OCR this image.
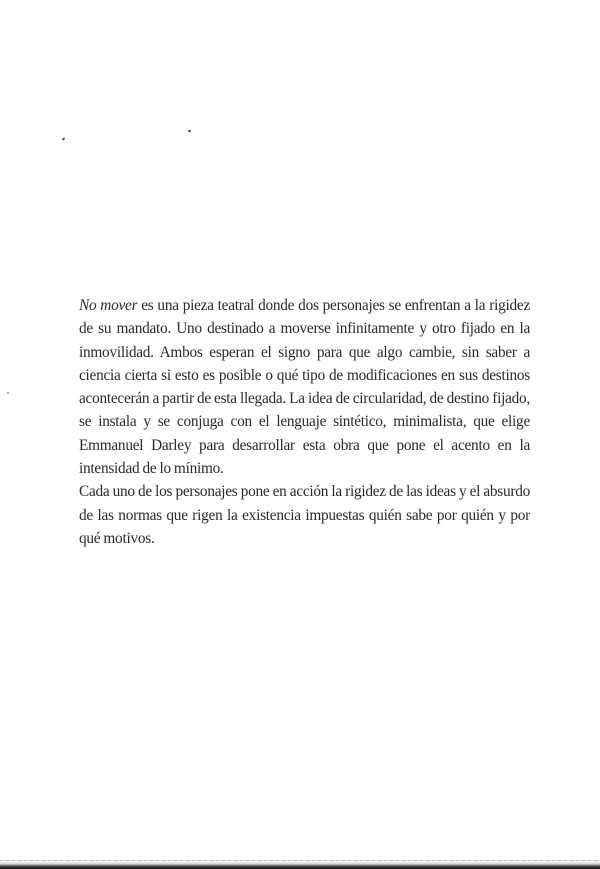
No mover es una pieza teatral donde dos personajes se enfrentan a la rigidez de su mandato. Uno destinado a moverse infinitamente y otro fijado en la inmovilidad. Ambos esperan el signo para que algo cambie, sin saber a ciencia cierta si esto es posible o qué tipo de modificaciones en sus destinos acontecerán a partir de esta llegada. La idea de circularidad, de destino fijado, se instala y se conjuga con el lenguaje sintético, minimalista, que elige Emmanuel Darley para desarrollar esta obra que pone el acento en la intensidad de lo mínimo.

Cada uno de los personajes pone en acción la rigidez de las ideas y el absurdo de las normas que rigen la existencia impuestas quién sabe por quién y por qué motivos.
